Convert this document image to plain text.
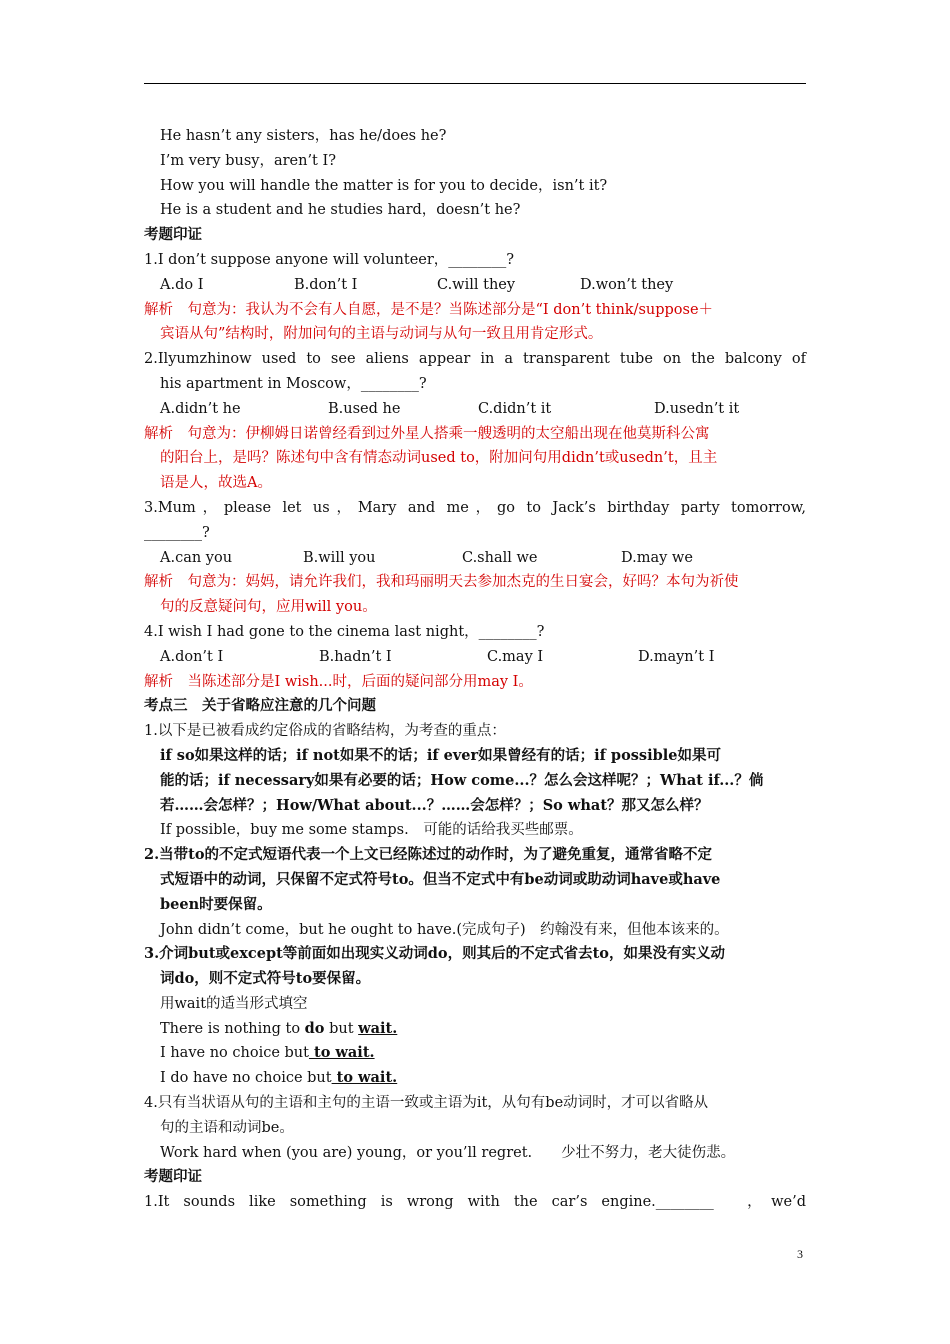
He hasn’t any sisters，has he/does he?
I’m very busy，aren’t I?
How you will handle the matter is for you to decide，isn’t it?
He is a student and he studies hard，doesn’t he?
考题印证
1.I don’t suppose anyone will volunteer，________?
A.do I	B.don’t I	C.will they	D.won’t they
解析　句意为：我认为不会有人自愿，是不是？当陈述部分是“I don’t think/suppose＋
宾语从句”结构时，附加问句的主语与动词与从句一致且用肯定形式。
2.Ilyumzhinow used to see aliens appear in a transparent tube on the balcony of
his apartment in Moscow，________?
A.didn’t he	B.used he	C.didn’t it	D.usedn’t it
解析　句意为：伊柳姆日诺曾经看到过外星人搭乘一艘透明的太空船出现在他莫斯科公寓
的阳台上，是吗？陈述句中含有情态动词used to，附加问句用didn’t或usedn’t，且主
语是人，故选A。
3.Mum，please let us，Mary and me，go to Jack’s birthday party tomorrow,
________?
A.can you	B.will you	C.shall we	D.may we
解析　句意为：妈妈，请允许我们，我和玛丽明天去参加杰克的生日宴会，好吗？本句为祈使
句的反意疑问句，应用will you。
4.I wish I had gone to the cinema last night，________?
A.don’t I	B.hadn’t I	C.may I	D.mayn’t I
解析　当陈述部分是I wish...时，后面的疑问部分用may I。
考点三　关于省略应注意的几个问题
1.以下是已被看成约定俗成的省略结构，为考查的重点：
if so如果这样的话；if not如果不的话；if ever如果曾经有的话；if possible如果可
能的话；if necessary如果有必要的话；How come...？怎么会这样呢？；What if...？倘
若……会怎样？；How/What about...？……会怎样？；So what？那又怎么样？
If possible，buy me some stamps.　可能的话给我买些邮票。
2.当带to的不定式短语代表一个上文已经陈述过的动作时，为了避免重复，通常省略不定
式短语中的动词，只保留不定式符号to。但当不定式中有be动词或助动词have或have
been时要保留。
John didn’t come，but he ought to have.(完成句子)　约翰没有来，但他本该来的。
3.介词but或except等前面如出现实义动词do，则其后的不定式省去to，如果没有实义动
词do，则不定式符号to要保留。
用wait的适当形式填空
There is nothing to do but wait.
I have no choice but to wait.
I do have no choice but to wait.
4.只有当状语从句的主语和主句的主语一致或主语为it，从句有be动词时，才可以省略从
句的主语和动词be。
Work hard when (you are) young，or you’ll regret.　　少壮不努力，老大徒伤悲。
考题印证
1.It sounds like something is wrong with the car’s engine.________　，we’d
3
